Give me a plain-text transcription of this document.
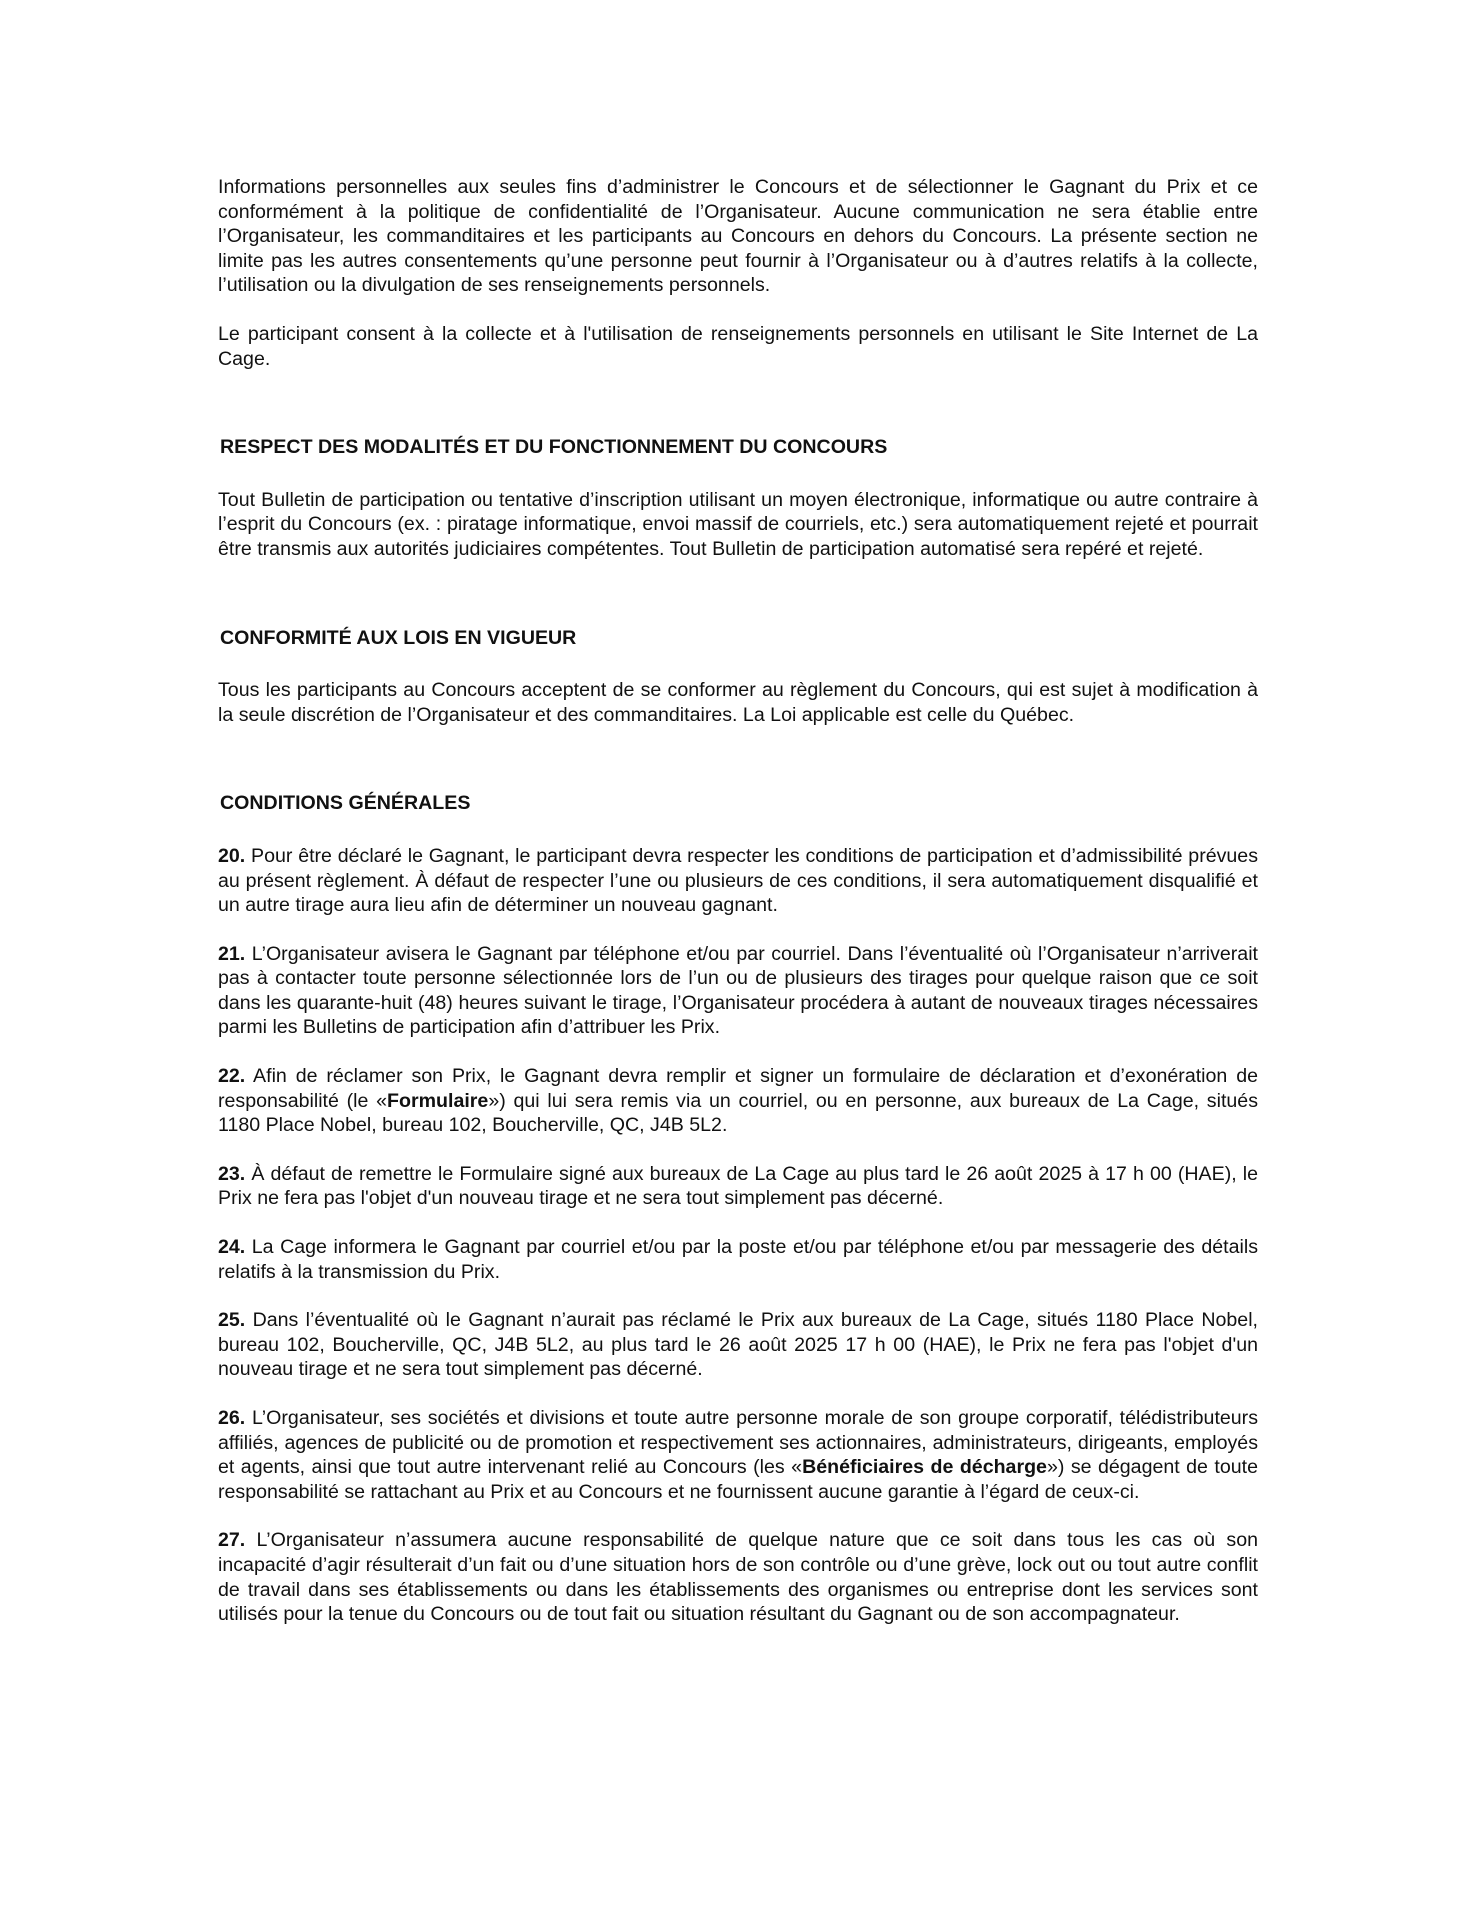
Informations personnelles aux seules fins d’administrer le Concours et de sélectionner le Gagnant du Prix et ce conformément à la politique de confidentialité de l’Organisateur. Aucune communication ne sera établie entre l’Organisateur, les commanditaires et les participants au Concours en dehors du Concours. La présente section ne limite pas les autres consentements qu’une personne peut fournir à l’Organisateur ou à d’autres relatifs à la collecte, l’utilisation ou la divulgation de ses renseignements personnels.

Le participant consent à la collecte et à l'utilisation de renseignements personnels en utilisant le Site Internet de La Cage.

RESPECT DES MODALITÉS ET DU FONCTIONNEMENT DU CONCOURS

Tout Bulletin de participation ou tentative d’inscription utilisant un moyen électronique, informatique ou autre contraire à l’esprit du Concours (ex. : piratage informatique, envoi massif de courriels, etc.) sera automatiquement rejeté et pourrait être transmis aux autorités judiciaires compétentes. Tout Bulletin de participation automatisé sera repéré et rejeté.

CONFORMITÉ AUX LOIS EN VIGUEUR

Tous les participants au Concours acceptent de se conformer au règlement du Concours, qui est sujet à modification à la seule discrétion de l’Organisateur et des commanditaires. La Loi applicable est celle du Québec.

CONDITIONS GÉNÉRALES

20. Pour être déclaré le Gagnant, le participant devra respecter les conditions de participation et d’admissibilité prévues au présent règlement. À défaut de respecter l’une ou plusieurs de ces conditions, il sera automatiquement disqualifié et un autre tirage aura lieu afin de déterminer un nouveau gagnant.

21. L’Organisateur avisera le Gagnant par téléphone et/ou par courriel. Dans l’éventualité où l’Organisateur n’arriverait pas à contacter toute personne sélectionnée lors de l’un ou de plusieurs des tirages pour quelque raison que ce soit dans les quarante-huit (48) heures suivant le tirage, l’Organisateur procédera à autant de nouveaux tirages nécessaires parmi les Bulletins de participation afin d’attribuer les Prix.

22. Afin de réclamer son Prix, le Gagnant devra remplir et signer un formulaire de déclaration et d’exonération de responsabilité (le «Formulaire») qui lui sera remis via un courriel, ou en personne, aux bureaux de La Cage, situés 1180 Place Nobel, bureau 102, Boucherville, QC, J4B 5L2.

23. À défaut de remettre le Formulaire signé aux bureaux de La Cage au plus tard le 26 août 2025 à 17 h 00 (HAE), le Prix ne fera pas l'objet d'un nouveau tirage et ne sera tout simplement pas décerné.

24. La Cage informera le Gagnant par courriel et/ou par la poste et/ou par téléphone et/ou par messagerie des détails relatifs à la transmission du Prix.

25. Dans l’éventualité où le Gagnant n’aurait pas réclamé le Prix aux bureaux de La Cage, situés 1180 Place Nobel, bureau 102, Boucherville, QC, J4B 5L2, au plus tard le 26 août 2025 17 h 00 (HAE), le Prix ne fera pas l'objet d'un nouveau tirage et ne sera tout simplement pas décerné.

26. L’Organisateur, ses sociétés et divisions et toute autre personne morale de son groupe corporatif, télédistributeurs affiliés, agences de publicité ou de promotion et respectivement ses actionnaires, administrateurs, dirigeants, employés et agents, ainsi que tout autre intervenant relié au Concours (les «Bénéficiaires de décharge») se dégagent de toute responsabilité se rattachant au Prix et au Concours et ne fournissent aucune garantie à l’égard de ceux-ci.

27. L’Organisateur n’assumera aucune responsabilité de quelque nature que ce soit dans tous les cas où son incapacité d’agir résulterait d’un fait ou d’une situation hors de son contrôle ou d’une grève, lock out ou tout autre conflit de travail dans ses établissements ou dans les établissements des organismes ou entreprise dont les services sont utilisés pour la tenue du Concours ou de tout fait ou situation résultant du Gagnant ou de son accompagnateur.
